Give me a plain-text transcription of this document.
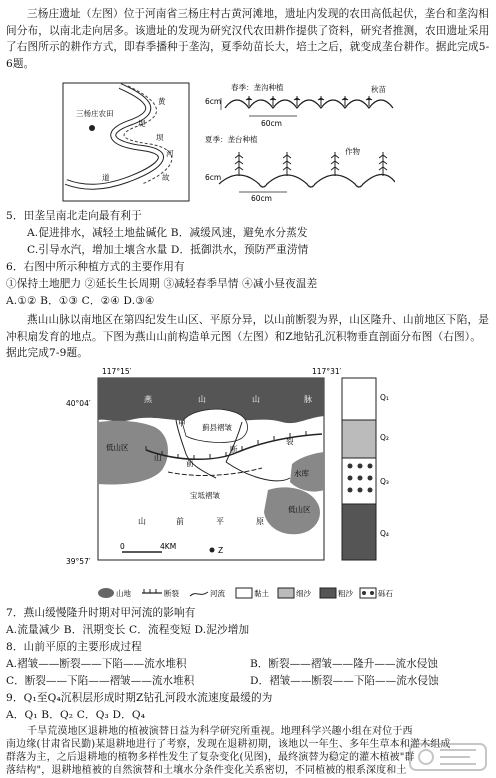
三杨庄遗址（左图）位于河南省三杨庄村古黄河滩地，遗址内发现的农田高低起伏，垄台和垄沟相间分布，以南北走向居多。该遗址的发现为研究汉代农田耕作提供了资料，研究者推测，农田遗址采用了右图所示的耕作方式，即春季播种于垄沟，夏季幼苗长大，培土之后，就变成垄台耕作。据此完成5-6题。
三杨庄农田
黄
堤
坝
河
道	故
春季：垄沟种植	秋苗
6cm
60cm
夏季：垄台种植
作物
6cm
60cm
5．田垄呈南北走向最有利于
A.促进排水，减轻土地盐碱化 B．减缓风速，避免水分蒸发
C.引导水汽，增加土壤含水量 D．抵御洪水，预防严重涝情
6．右图中所示种植方式的主要作用有
①保持土地肥力 ②延长生长周期 ③减轻春季旱情 ④减小昼夜温差
A.①② B．①③ C．②④ D.③④
燕山山脉以南地区在第四纪发生山区、平原分异，以山前断裂为界，山区隆升、山前地区下陷，是冲积扇发育的地点。下图为燕山山前构造单元图（左图）和Z地钻孔沉积物垂直剖面分布图（右图）。据此完成7-9题。
117°15′	117°31′
40°04′
39°57′
燕	山	山	脉
蓟县褶皱
甲
裂
断
前
山
低山区
低山区
水库
宝坻褶皱
山	前	平	原
0	4KM	Z
Q₁
Q₂
Q₃
Q₄
山地	断裂	河流	黏土	细沙	粗沙	砾石
7．燕山缓慢隆升时期对甲河流的影响有
A.流量减少 B．汛期变长 C．流程变短 D.泥沙增加
8．山前平原的主要形成过程
A.褶皱——断裂——下陷——流水堆积	B．断裂——褶皱——隆升——流水侵蚀
C．断裂——下陷——褶皱——流水堆积	D．褶皱——断裂——下陷——流水侵蚀
9．Q₁至Q₄沉积层形成时期Z钻孔河段水流速度最缓的为
A．Q₁ B．Q₂ C．Q₃ D．Q₄
千旱荒漠地区退耕地的植被演替日益为科学研究所重视。地理科学兴趣小组在对位于西
南边缘(甘肃省民勤)某退耕地进行了考察，发现在退耕初期，该地以一年生、多年生草本和灌木组成
群落为主，之后退耕地的植物多样性发生了复杂变化(见图)，最终演替为稳定的灌木植被"群
落结构"，退耕地植被的自然演替和土壤水分条件变化关系密切，不同植被的根系深度和土
